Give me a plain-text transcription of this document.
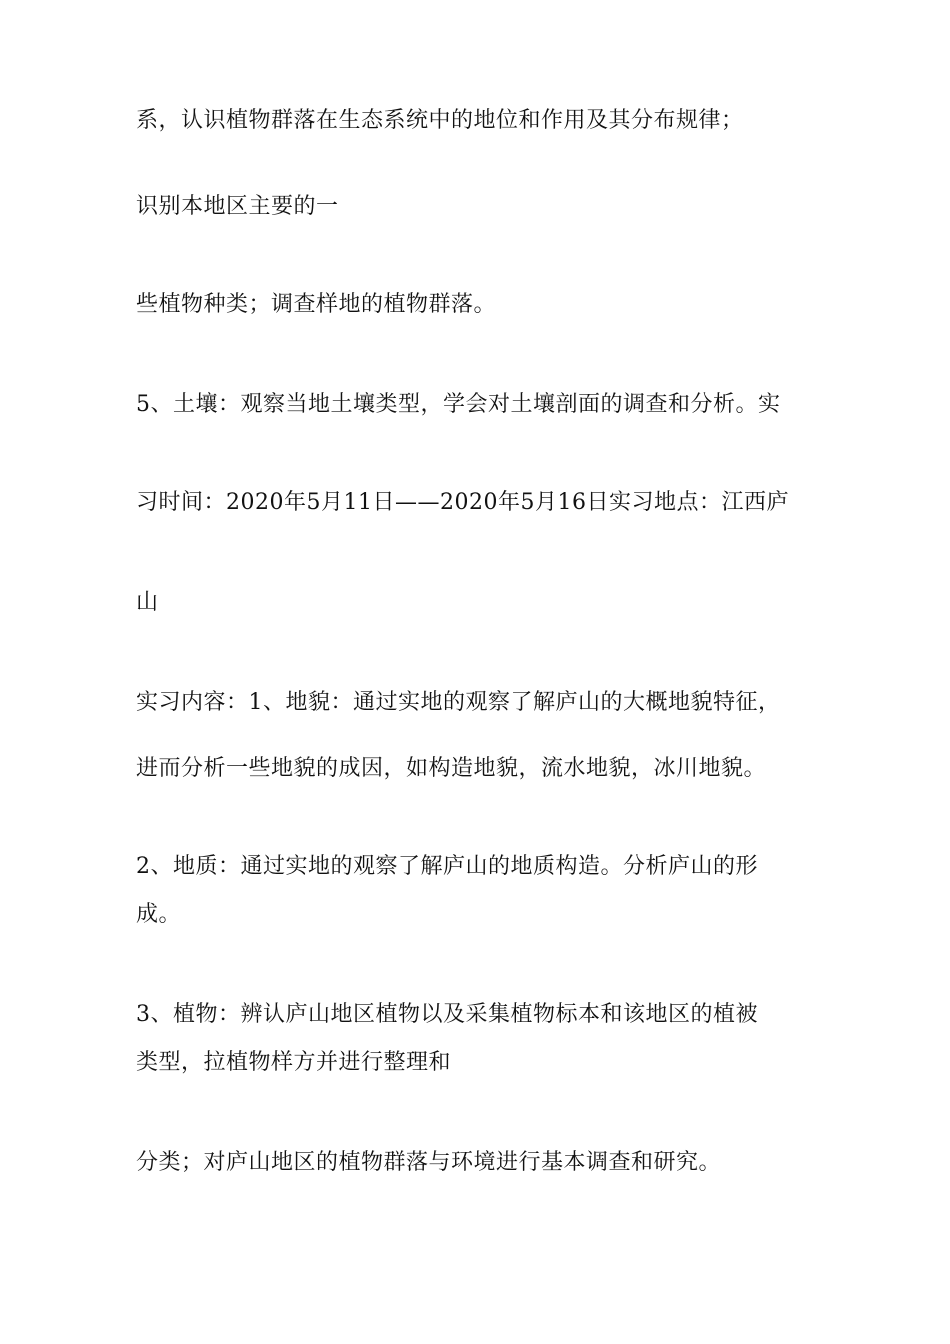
系，认识植物群落在生态系统中的地位和作用及其分布规律；
识别本地区主要的一
些植物种类；调查样地的植物群落。
5、土壤：观察当地土壤类型，学会对土壤剖面的调查和分析。实
习时间：2020年5月11日——2020年5月16日实习地点：江西庐
山
实习内容：1、地貌：通过实地的观察了解庐山的大概地貌特征，
进而分析一些地貌的成因，如构造地貌，流水地貌，冰川地貌。
2、地质：通过实地的观察了解庐山的地质构造。分析庐山的形
成。
3、植物：辨认庐山地区植物以及采集植物标本和该地区的植被
类型，拉植物样方并进行整理和
分类；对庐山地区的植物群落与环境进行基本调查和研究。
